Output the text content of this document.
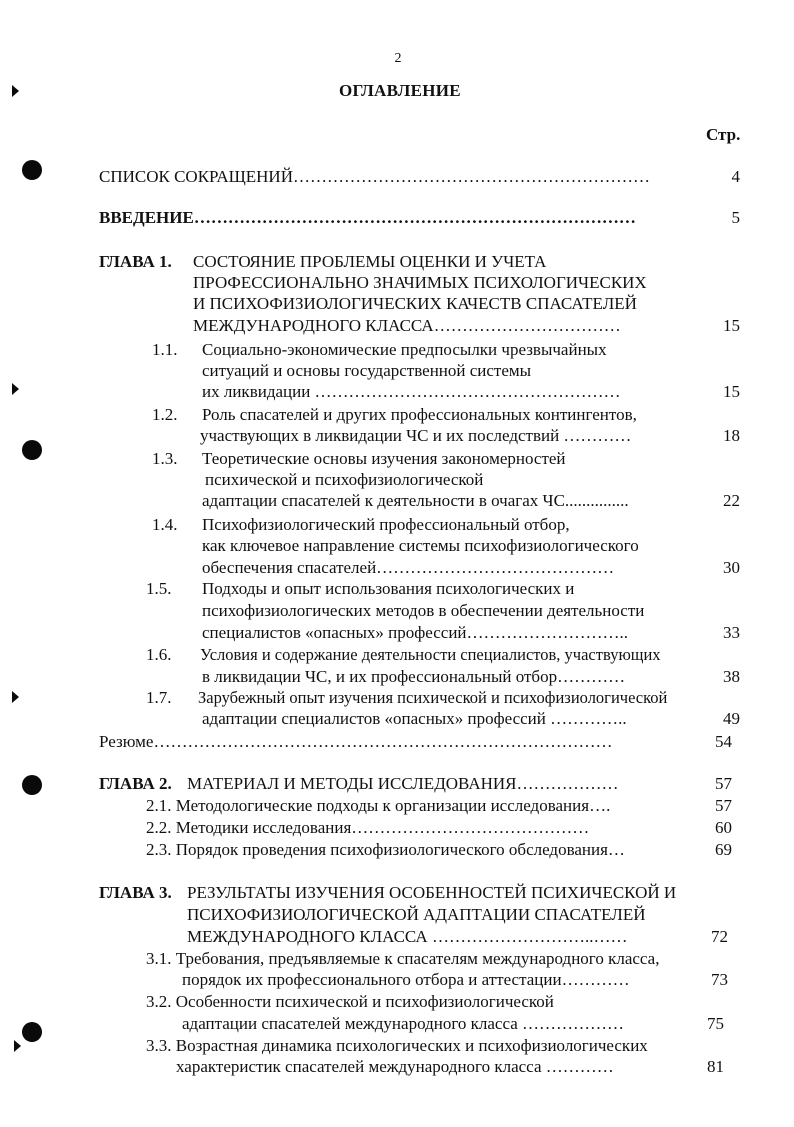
2
ОГЛАВЛЕНИЕ
Стр.
СПИСОК СОКРАЩЕНИЙ………………………………………………………	4
ВВЕДЕНИЕ……………………………………………………………………	5
ГЛАВА 1. СОСТОЯНИЕ ПРОБЛЕМЫ ОЦЕНКИ И УЧЕТА
ПРОФЕССИОНАЛЬНО ЗНАЧИМЫХ ПСИХОЛОГИЧЕСКИХ
И ПСИХОФИЗИОЛОГИЧЕСКИХ КАЧЕСТВ СПАСАТЕЛЕЙ
МЕЖДУНАРОДНОГО КЛАССА……………………………	15
1.1. Социально-экономические предпосылки чрезвычайных
ситуаций и основы государственной системы
их ликвидации ………………………………………………	15
1.2. Роль спасателей и других профессиональных контингентов,
участвующих в ликвидации ЧС и их последствий …………	18
1.3. Теоретические основы изучения закономерностей
психической и психофизиологической
адаптации спасателей к деятельности в очагах ЧС...............	22
1.4. Психофизиологический профессиональный отбор,
как ключевое направление системы психофизиологического
обеспечения спасателей……………………………………	30
1.5. Подходы и опыт использования психологических и
психофизиологических методов в обеспечении деятельности
специалистов «опасных» профессий………………………..	33
1.6. Условия и содержание деятельности специалистов, участвующих
в ликвидации ЧС, и их профессиональный отбор…………	38
1.7. Зарубежный опыт изучения психической и психофизиологической
адаптации специалистов «опасных» профессий …………..	49
Резюме………………………………………………………………………	54
ГЛАВА 2. МАТЕРИАЛ И МЕТОДЫ ИССЛЕДОВАНИЯ………………	57
2.1. Методологические подходы к организации исследования….	57
2.2. Методики исследования……………………………………	60
2.3. Порядок проведения психофизиологического обследования…	69
ГЛАВА 3. РЕЗУЛЬТАТЫ ИЗУЧЕНИЯ ОСОБЕННОСТЕЙ ПСИХИЧЕСКОЙ И
ПСИХОФИЗИОЛОГИЧЕСКОЙ АДАПТАЦИИ СПАСАТЕЛЕЙ
МЕЖДУНАРОДНОГО КЛАССА ………………………..……	72
3.1. Требования, предъявляемые к спасателям международного класса,
порядок их профессионального отбора и аттестации…………	73
3.2. Особенности психической и психофизиологической
адаптации спасателей международного класса ………………	75
3.3. Возрастная динамика психологических и психофизиологических
характеристик спасателей международного класса …………	81
